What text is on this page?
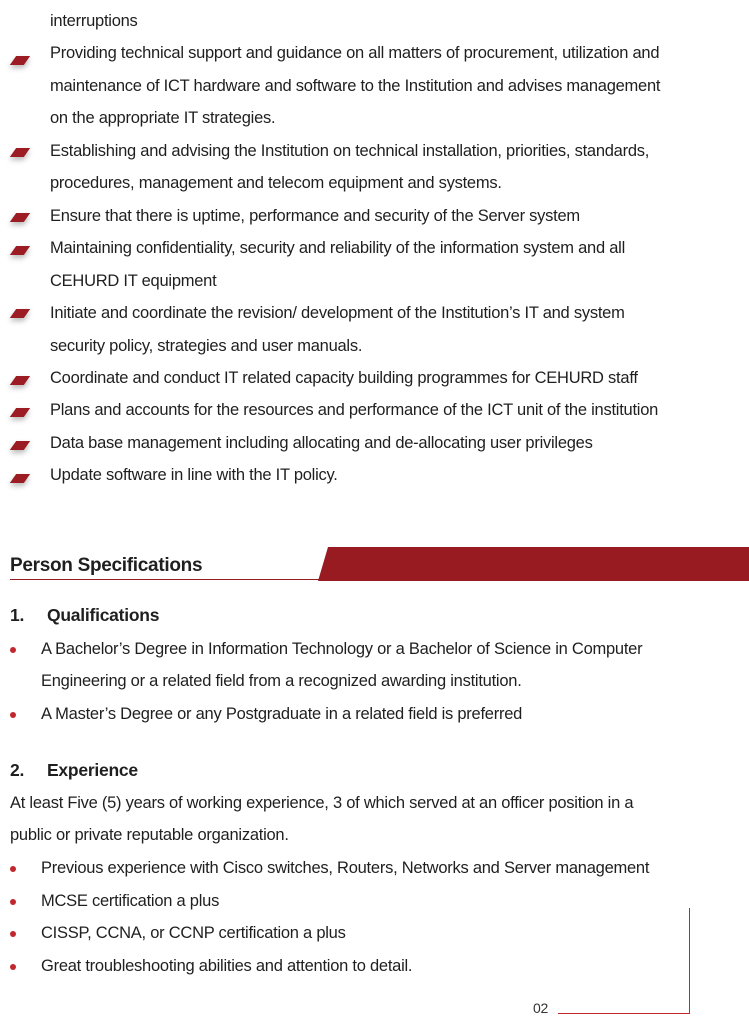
interruptions
Providing technical support and guidance on all matters of procurement, utilization and
maintenance of ICT hardware and software to the Institution and advises management
on the appropriate IT strategies.
Establishing and advising the Institution on technical installation, priorities, standards,
procedures, management and telecom equipment and systems.
Ensure that there is uptime, performance and security of the Server system
Maintaining confidentiality, security and reliability of the information system and all
CEHURD IT equipment
Initiate and coordinate the revision/ development of the Institution’s IT and system
security policy, strategies and user manuals.
Coordinate and conduct IT related capacity building programmes for CEHURD staff
Plans and accounts for the resources and performance of the ICT unit of the institution
Data base management including allocating and de-allocating user privileges
Update software in line with the IT policy.
Person Specifications
1. Qualifications
A Bachelor’s Degree in Information Technology or a Bachelor of Science in Computer
Engineering or a related field from a recognized awarding institution.
A Master’s Degree or any Postgraduate in a related field is preferred
2. Experience
At least Five (5) years of working experience, 3 of which served at an officer position in a
public or private reputable organization.
Previous experience with Cisco switches, Routers, Networks and Server management
MCSE certification a plus
CISSP, CCNA, or CCNP certification a plus
Great troubleshooting abilities and attention to detail.
02
